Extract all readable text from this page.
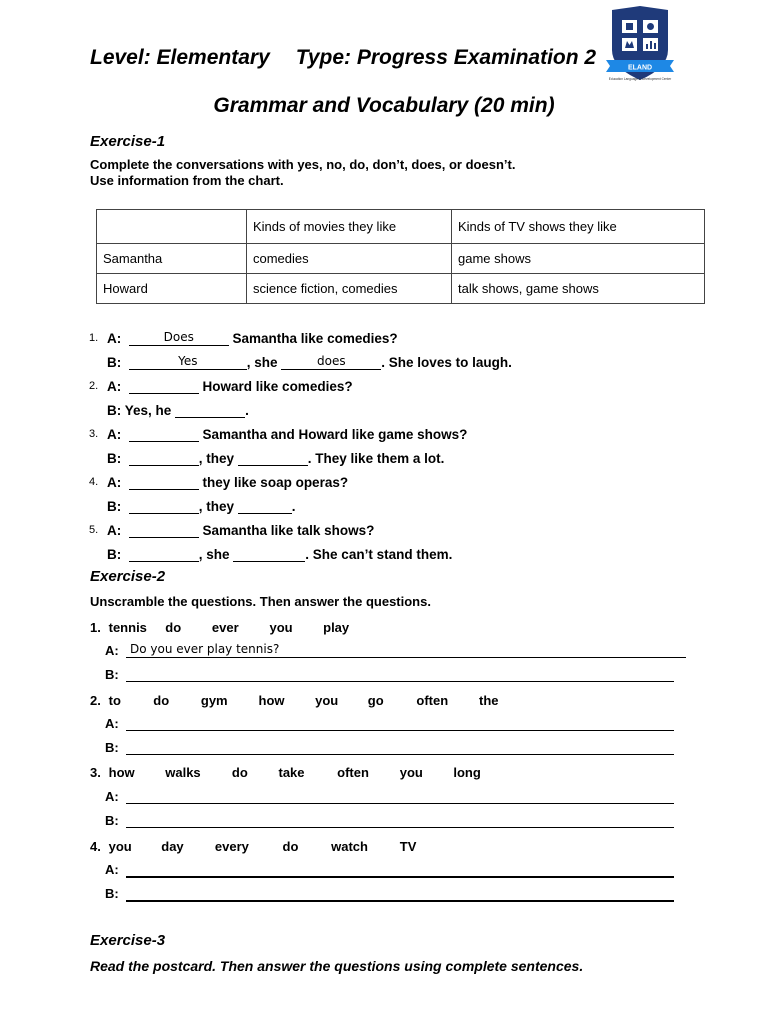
Level: Elementary Type: Progress Examination 2
Grammar and Vocabulary (20 min)
ELAND
Education Language & Development Center
Exercise-1
Complete the conversations with yes, no, do, don’t, does, or doesn’t.
Use information from the chart.
	Kinds of movies they like	Kinds of TV shows they like
Samantha	comedies	game shows
Howard	science fiction, comedies	talk shows, game shows
1. A:	Does	Samantha like comedies?
B:	Yes	, she	does	. She loves to laugh.
2. A:	Howard like comedies?
B: Yes, he	.
3. A:	Samantha and Howard like game shows?
B:	, they	. They like them a lot.
4. A:	they like soap operas?
B:	, they	.
5. A:	Samantha like talk shows?
B:	, she	. She can’t stand them.
Exercise-2
Unscramble the questions. Then answer the questions.
1. tennis do ever you play
A: Do you ever play tennis?
B:
2. to do gym how you go	often the
A:
B:
3. how walks do take	often you long
A:
B:
4. you day every	do	watch TV
A:
B:
Exercise-3
Read the postcard. Then answer the questions using complete sentences.
